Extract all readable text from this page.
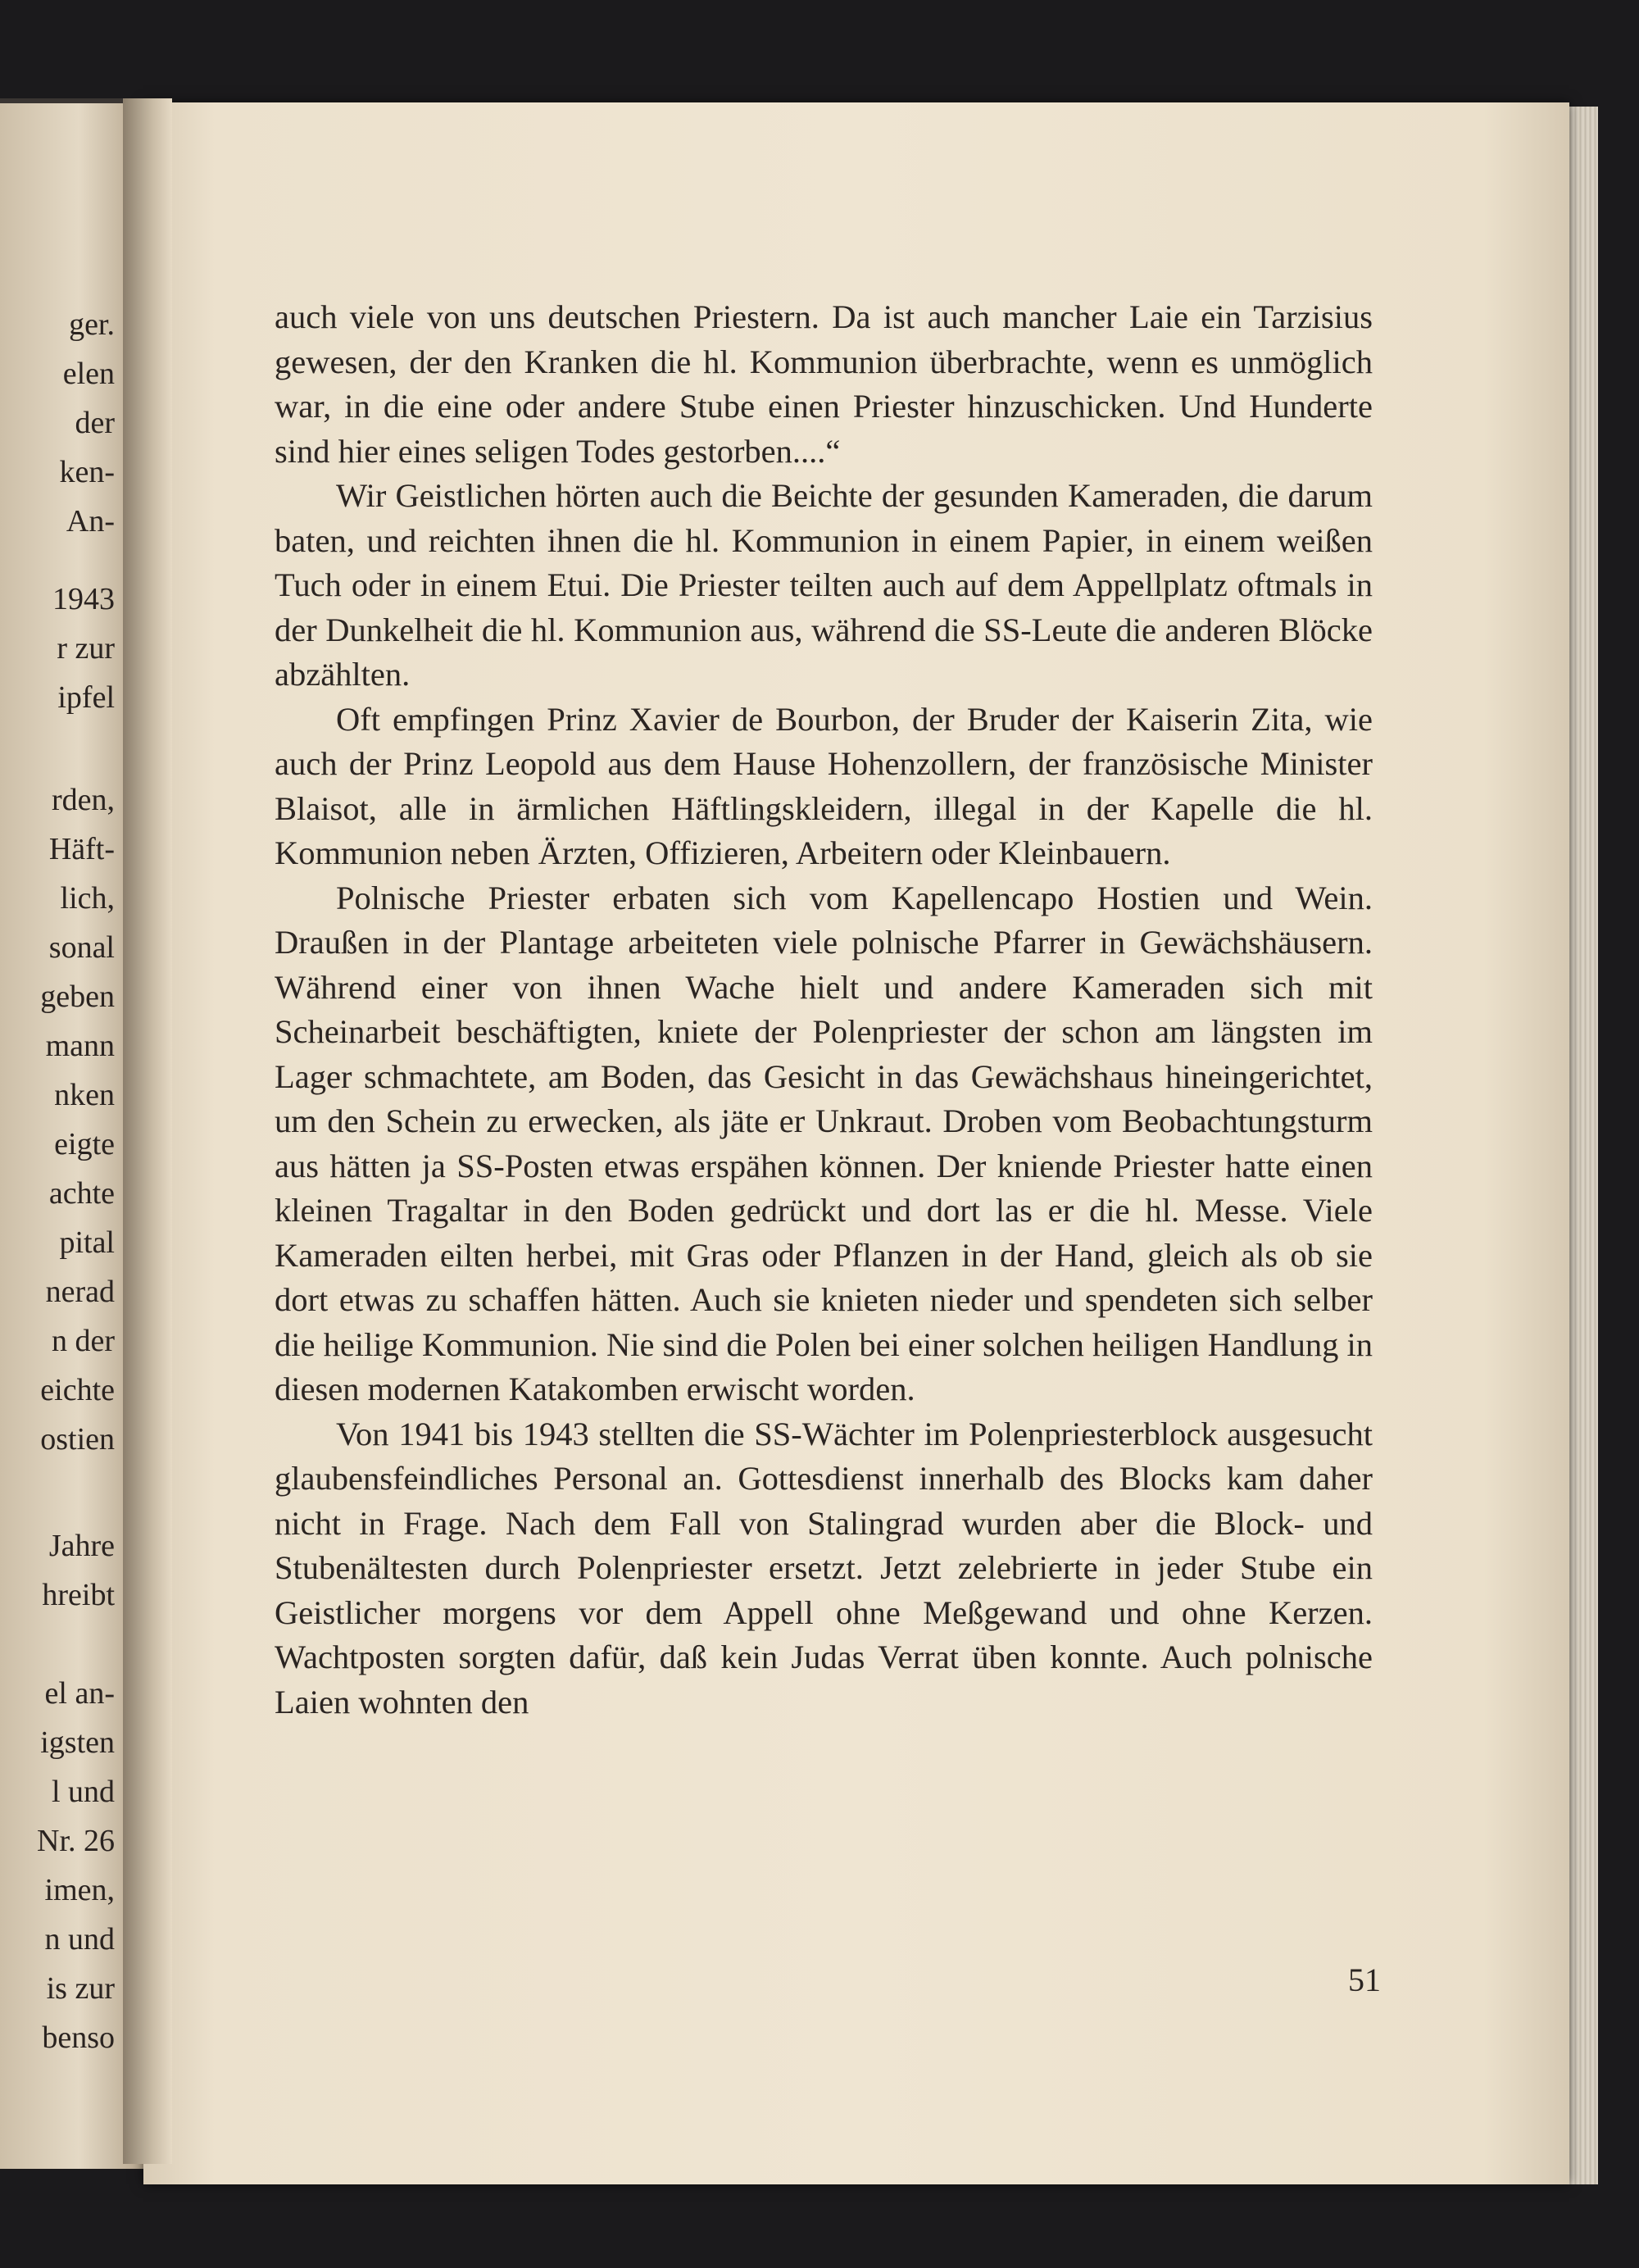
ger.
elen
der
ken-
An-
1943
r zur
ipfel
rden,
Häft-
lich,
sonal
geben
mann
nken
eigte
achte
pital
nerad
n der
eichte
ostien
Jahre
hreibt
el an-
igsten
l und
Nr. 26
imen,
n und
is zur
benso

auch viele von uns deutschen Priestern. Da ist auch mancher Laie ein Tarzisius gewesen, der den Kranken die hl. Kommunion überbrachte, wenn es unmöglich war, in die eine oder andere Stube einen Priester hinzuschicken. Und Hunderte sind hier eines seligen Todes gestorben....“

Wir Geistlichen hörten auch die Beichte der gesunden Kameraden, die darum baten, und reichten ihnen die hl. Kommunion in einem Papier, in einem weißen Tuch oder in einem Etui. Die Priester teilten auch auf dem Appellplatz oftmals in der Dunkelheit die hl. Kommunion aus, während die SS-Leute die anderen Blöcke abzählten.

Oft empfingen Prinz Xavier de Bourbon, der Bruder der Kaiserin Zita, wie auch der Prinz Leopold aus dem Hause Hohenzollern, der französische Minister Blaisot, alle in ärmlichen Häftlingskleidern, illegal in der Kapelle die hl. Kommunion neben Ärzten, Offizieren, Arbeitern oder Kleinbauern.

Polnische Priester erbaten sich vom Kapellencapo Hostien und Wein. Draußen in der Plantage arbeiteten viele polnische Pfarrer in Gewächshäusern. Während einer von ihnen Wache hielt und andere Kameraden sich mit Scheinarbeit beschäftigten, kniete der Polenpriester der schon am längsten im Lager schmachtete, am Boden, das Gesicht in das Gewächshaus hineingerichtet, um den Schein zu erwecken, als jäte er Unkraut. Droben vom Beobachtungsturm aus hätten ja SS-Posten etwas erspähen können. Der kniende Priester hatte einen kleinen Tragaltar in den Boden gedrückt und dort las er die hl. Messe. Viele Kameraden eilten herbei, mit Gras oder Pflanzen in der Hand, gleich als ob sie dort etwas zu schaffen hätten. Auch sie knieten nieder und spendeten sich selber die heilige Kommunion. Nie sind die Polen bei einer solchen heiligen Handlung in diesen modernen Katakomben erwischt worden.

Von 1941 bis 1943 stellten die SS-Wächter im Polenpriesterblock ausgesucht glaubensfeindliches Personal an. Gottesdienst innerhalb des Blocks kam daher nicht in Frage. Nach dem Fall von Stalingrad wurden aber die Block- und Stubenältesten durch Polenpriester ersetzt. Jetzt zelebrierte in jeder Stube ein Geistlicher morgens vor dem Appell ohne Meßgewand und ohne Kerzen. Wachtposten sorgten dafür, daß kein Judas Verrat üben konnte. Auch polnische Laien wohnten den

51
